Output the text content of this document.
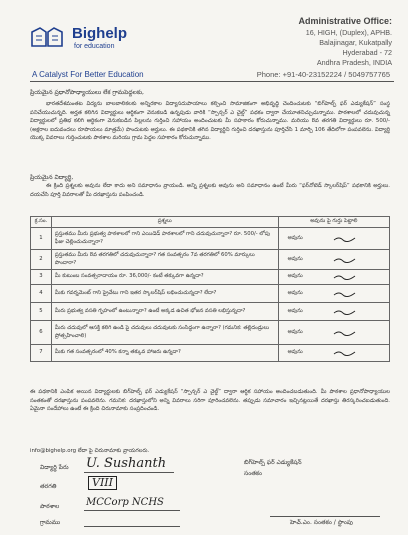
Bighelp
for education
A Catalyst For Better Education
Administrative Office:
16, HIGH, (Duplex), APHB.
Balajinagar, Kukatpally
Hyderabad - 72
Andhra Pradesh, INDIA
Phone: +91-40-23152224 / 5049757765
ప్రియమైన ప్రధానోపాధ్యాయులు లేక గ్రామపెద్దలకు,
భారతదేశమంతట విద్యను బాలబాలికలకు అన్నిరకాల విద్యాసదుపాయాలు కల్పించి సామాజికంగా అభివృద్ధి చెందించుటకు “బిగ్‌హెల్ప్ ఫర్ ఎడ్యుకేషన్” సంస్థ పనిచేయుచున్నది. అర్హత కలిగిన విద్యార్థులు ఆర్థికంగా వెనుకబడి ఉన్నపుడు వారికి “స్పాన్సర్ ఎ చైల్డ్” పథకం ద్వారా చేయూతనిచ్చుచున్నాము. పాఠశాలలో చదువుచున్న విద్యార్థులలో ప్రతిభ కలిగి ఆర్థికంగా వెనుకబడిన పిల్లలను గుర్తించి సహాయం అందించుటకు మీ సహకారం కోరుచున్నాము. మరియు 8వ తరగతి విద్యార్థులు రూ. 500/- (అక్షరాల ఐదువందలు రూపాయలు మాత్రమే) పొందుటకు అర్హులు. ఈ పథకానికి తగిన విద్యార్థిని గుర్తించి దరఖాస్తును పూర్తిచేసి 1 మార్చి 106 తేదిలోగా పంపవలెను. విద్యార్థి యొక్క వివరాలు గుర్తించుటకు పాఠశాల మరియు గ్రామ పెద్దల సహకారం కోరుచున్నాము.
ప్రియమైన విద్యార్థి,
ఈ క్రింది ప్రశ్నలకు అవును లేదా కాదు అని సమాధానం వ్రాయండి. అన్ని ప్రశ్నలకు అవును అని సమాధానం ఉంటే మీరు “ఫర్‌నోటెడ్ స్కాలర్‌షిప్” పథకానికి అర్హులు. దయచేసి పూర్తి వివరాలతో మీ దరఖాస్తును పంపించండి.
క్ర.సం.	ప్రశ్నలు	అవును పై గుర్తు పెట్టాలి
1	ప్రస్తుతము మీరు ప్రభుత్వ పాఠశాలలో గాని ఎయిడెడ్ పాఠశాలలో గాని చదువుచున్నారా? రూ. 500/- లోపు ఫీజు చెల్లించుచున్నారా?	అవును

2	ప్రస్తుతము మీరు 8వ తరగతిలో చదువుచున్నారా? గత సంవత్సరం 7వ తరగతిలో 60% మార్కులు పొందారా?	అవును

3	మీ కుటుంబ సంవత్సరాదాయం రూ. 36,000/- కంటే తక్కువగా ఉన్నదా?	అవును

4	మీకు గవర్నమెంట్ గాని ప్రైవేటు గాని ఇతర స్కాలర్‌షిప్ లభించుచున్నదా? లేదా?	అవును

5	మీరు ప్రభుత్వ వసతి గృహంలో ఉంటున్నారా? ఉంటే అక్కడ ఉచిత భోజన వసతి లభిస్తున్నదా?	అవును

6	మీరు చదువులో ఆసక్తి కలిగి ఉండి పై చదువులు చదువుటకు సంసిద్ధంగా ఉన్నారా? (గమనిక: తల్లిదండ్రులు ప్రోత్సహించాలి)	అవును

7	మీకు గత సంవత్సరంలో 40% కన్నా తక్కువ హాజరు ఉన్నదా?	అవును
ఈ పథకానికి ఎంపిక అయిన విద్యార్థులకు బిగ్‌హెల్ప్ ఫర్ ఎడ్యుకేషన్ “స్పాన్సర్ ఎ చైల్డ్” ద్వారా ఆర్థిక సహాయం అందించబడుతుంది. మీ పాఠశాల ప్రధానోపాధ్యాయుల సంతకంతో దరఖాస్తును పంపవలెను. గమనిక: దరఖాస్తులోని అన్ని వివరాలు సరిగా పూరించవలెను. తప్పుడు సమాచారం ఇచ్చినట్లయితే దరఖాస్తు తిరస్కరించబడుతుంది. ఏమైనా సందేహాలు ఉంటే ఈ క్రింది చిరునామాకు సంప్రదించండి.
info@bighelp.org లేదా పై చిరునామాకు వ్రాయగలరు.
విద్యార్థి పేరు U. Sushanth
తరగతి	VIII
పాఠశాల	MCCorp NCHS
గ్రామము
బిగ్‌హెల్ప్ ఫర్ ఎడ్యుకేషన్
సంతకం
హెచ్.ఎం. సంతకం / స్టాంపు
